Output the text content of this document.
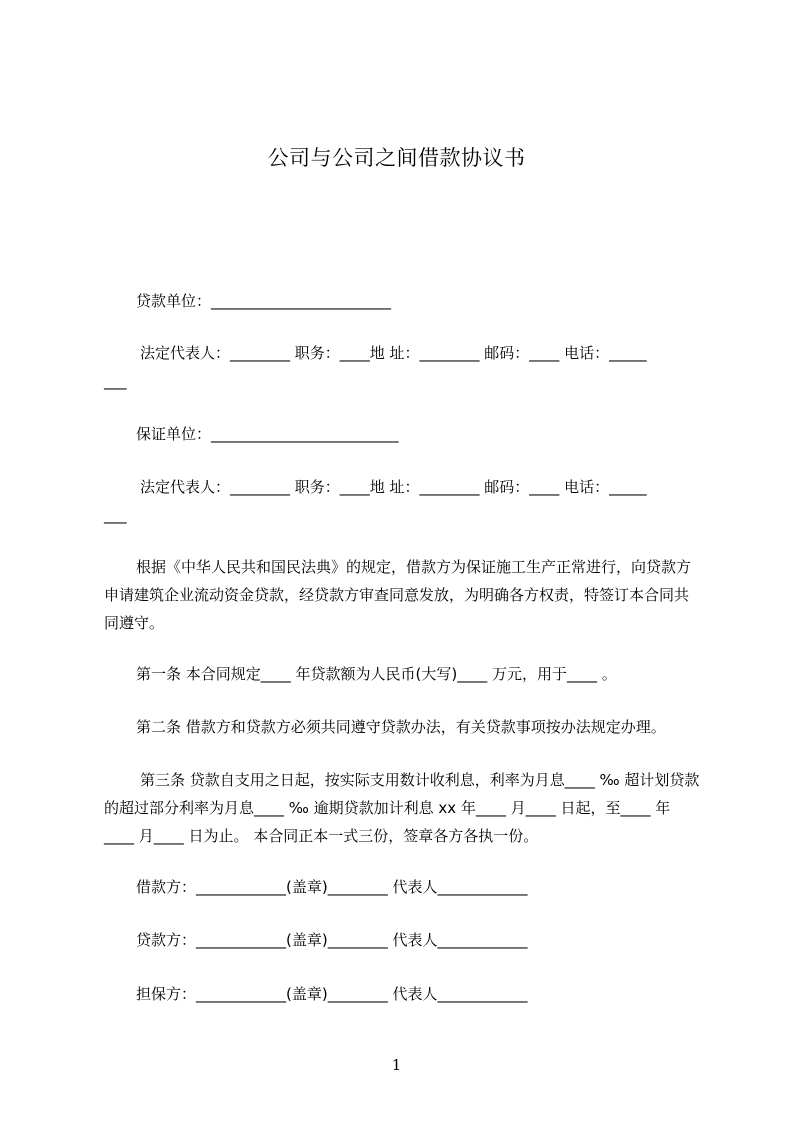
公司与公司之间借款协议书
贷款单位：________________________
法定代表人：________ 职务：____地 址：________ 邮码：____ 电话：_____
___
保证单位：_________________________
法定代表人：________ 职务：____地 址：________ 邮码：____ 电话：_____
___
根据《中华人民共和国民法典》的规定，借款方为保证施工生产正常进行，向贷款方申请建筑企业流动资金贷款，经贷款方审查同意发放，为明确各方权责，特签订本合同共同遵守。
第一条 本合同规定____ 年贷款额为人民币(大写)____ 万元，用于____ 。
第二条 借款方和贷款方必须共同遵守贷款办法，有关贷款事项按办法规定办理。
第三条 贷款自支用之日起，按实际支用数计收利息，利率为月息____ ‰ 超计划贷款的超过部分利率为月息____ ‰ 逾期贷款加计利息 xx 年____ 月____ 日起，至____ 年____ 月____ 日为止。 本合同正本一式三份，签章各方各执一份。
借款方：____________(盖章)________ 代表人____________
贷款方：____________(盖章)________ 代表人____________
担保方：____________(盖章)________ 代表人____________
1
